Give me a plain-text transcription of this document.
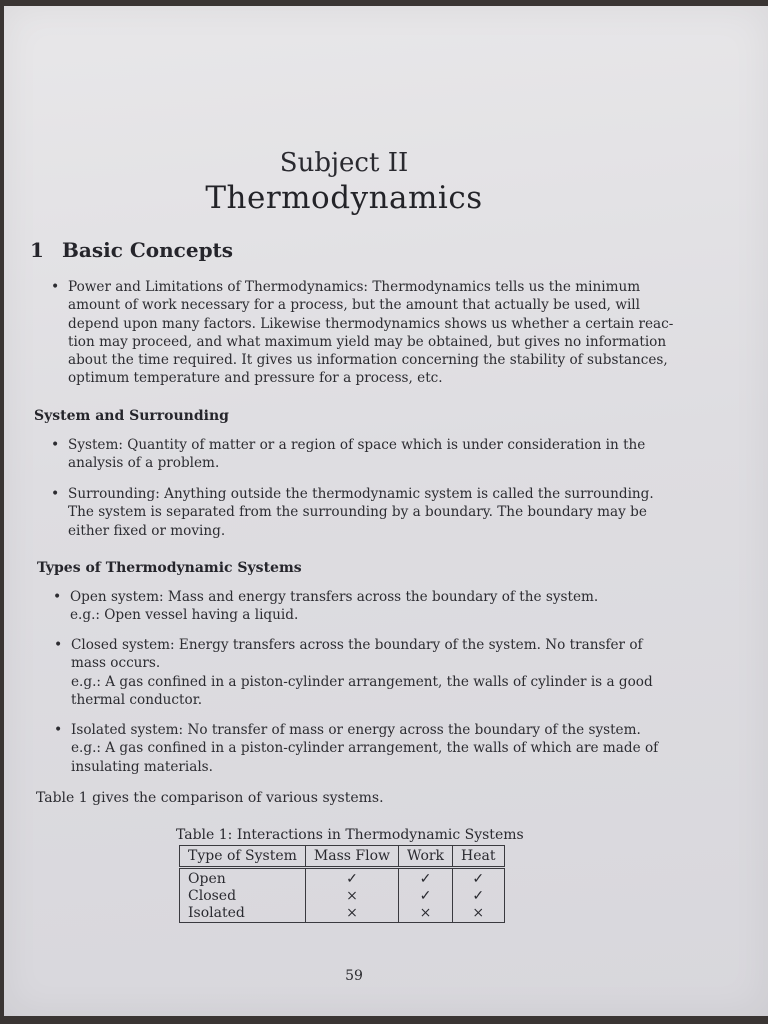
Subject II
Thermodynamics
1 Basic Concepts
• Power and Limitations of Thermodynamics: Thermodynamics tells us the minimum
amount of work necessary for a process, but the amount that actually be used, will
depend upon many factors. Likewise thermodynamics shows us whether a certain reac-
tion may proceed, and what maximum yield may be obtained, but gives no information
about the time required. It gives us information concerning the stability of substances,
optimum temperature and pressure for a process, etc.
System and Surrounding
• System: Quantity of matter or a region of space which is under consideration in the
analysis of a problem.
• Surrounding: Anything outside the thermodynamic system is called the surrounding.
The system is separated from the surrounding by a boundary. The boundary may be
either fixed or moving.
Types of Thermodynamic Systems
• Open system: Mass and energy transfers across the boundary of the system.
e.g.: Open vessel having a liquid.
• Closed system: Energy transfers across the boundary of the system. No transfer of
mass occurs.
e.g.: A gas confined in a piston-cylinder arrangement, the walls of cylinder is a good
thermal conductor.
• Isolated system: No transfer of mass or energy across the boundary of the system.
e.g.: A gas confined in a piston-cylinder arrangement, the walls of which are made of
insulating materials.
Table 1 gives the comparison of various systems.
Table 1: Interactions in Thermodynamic Systems
Type of System	Mass Flow	Work	Heat
Open	✓	✓	✓
Closed	×	✓	✓
Isolated	×	×	×
59
